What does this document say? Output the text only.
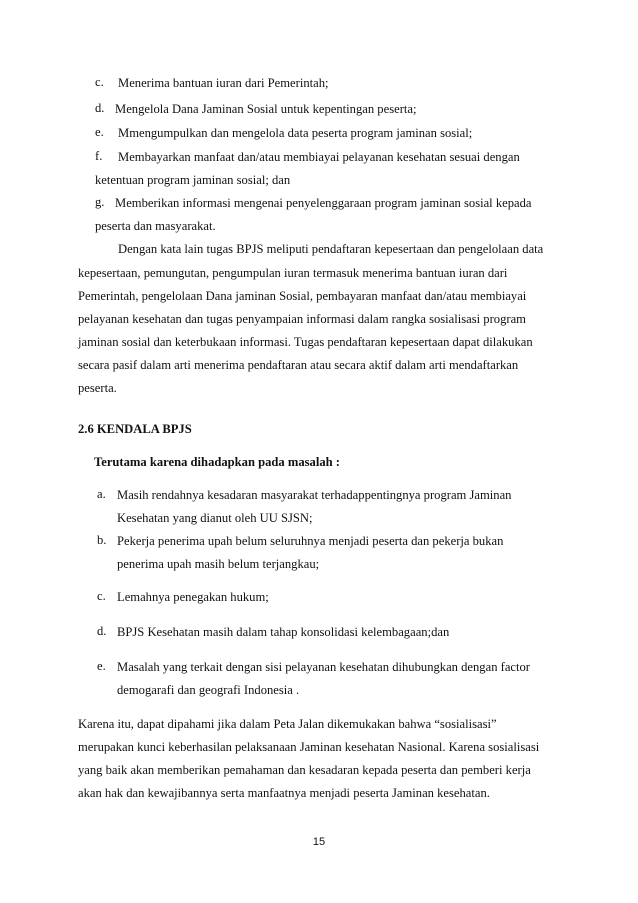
c. Menerima bantuan iuran dari Pemerintah;
d. Mengelola Dana Jaminan Sosial untuk kepentingan peserta;
e. Mmengumpulkan dan mengelola data peserta program jaminan sosial;
f. Membayarkan manfaat dan/atau membiayai pelayanan kesehatan sesuai dengan
ketentuan program jaminan sosial; dan
g. Memberikan informasi mengenai penyelenggaraan program jaminan sosial kepada
peserta dan masyarakat.
Dengan kata lain tugas BPJS meliputi pendaftaran kepesertaan dan pengelolaan data
kepesertaan, pemungutan, pengumpulan iuran termasuk menerima bantuan iuran dari
Pemerintah, pengelolaan Dana jaminan Sosial, pembayaran manfaat dan/atau membiayai
pelayanan kesehatan dan tugas penyampaian informasi dalam rangka sosialisasi program
jaminan sosial dan keterbukaan informasi. Tugas pendaftaran kepesertaan dapat dilakukan
secara pasif dalam arti menerima pendaftaran atau secara aktif dalam arti mendaftarkan
peserta.
2.6 KENDALA BPJS
Terutama karena dihadapkan pada masalah :
a. Masih rendahnya kesadaran masyarakat terhadappentingnya program Jaminan
Kesehatan yang dianut oleh UU SJSN;
b. Pekerja penerima upah belum seluruhnya menjadi peserta dan pekerja bukan
penerima upah masih belum terjangkau;
c. Lemahnya penegakan hukum;
d. BPJS Kesehatan masih dalam tahap konsolidasi kelembagaan;dan
e. Masalah yang terkait dengan sisi pelayanan kesehatan dihubungkan dengan factor
demogarafi dan geografi Indonesia .
Karena itu, dapat dipahami jika dalam Peta Jalan dikemukakan bahwa “sosialisasi”
merupakan kunci keberhasilan pelaksanaan Jaminan kesehatan Nasional. Karena sosialisasi
yang baik akan memberikan pemahaman dan kesadaran kepada peserta dan pemberi kerja
akan hak dan kewajibannya serta manfaatnya menjadi peserta Jaminan kesehatan.
15
